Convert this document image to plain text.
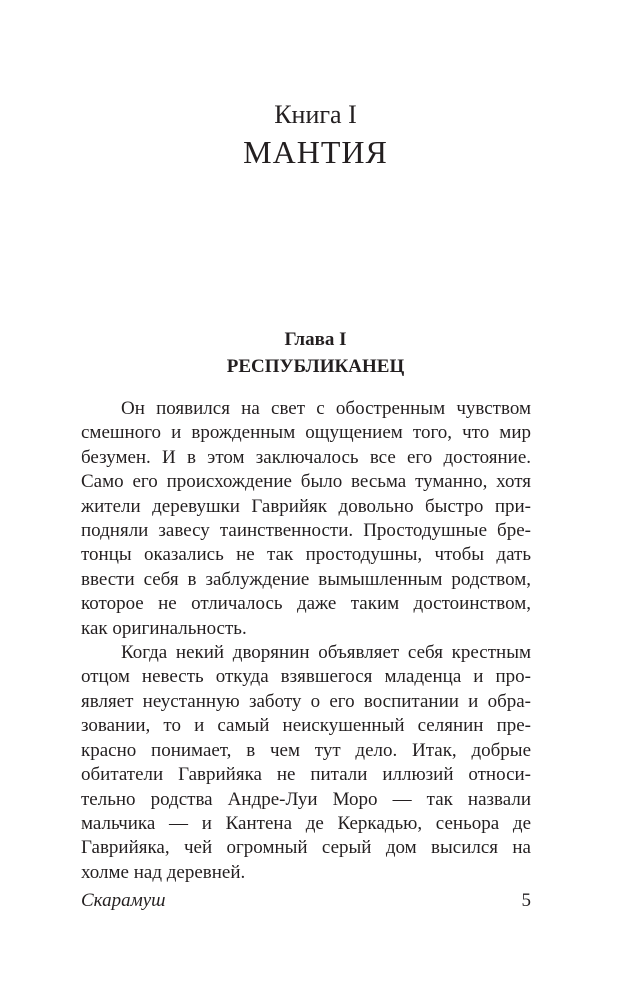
Книга I
МАНТИЯ
Глава I
РЕСПУБЛИКАНЕЦ
Он появился на свет с обостренным чувством
смешного и врожденным ощущением того, что мир
безумен. И в этом заключалось все его достояние.
Само его происхождение было весьма туманно, хотя
жители деревушки Гаврийяк довольно быстро при-
подняли завесу таинственности. Простодушные бре-
тонцы оказались не так простодушны, чтобы дать
ввести себя в заблуждение вымышленным родством,
которое не отличалось даже таким достоинством,
как оригинальность.
Когда некий дворянин объявляет себя крестным
отцом невесть откуда взявшегося младенца и про-
являет неустанную заботу о его воспитании и обра-
зовании, то и самый неискушенный селянин пре-
красно понимает, в чем тут дело. Итак, добрые
обитатели Гаврийяка не питали иллюзий относи-
тельно родства Андре-Луи Моро — так назвали
мальчика — и Кантена де Керкадью, сеньора де
Гаврийяка, чей огромный серый дом высился на
холме над деревней.
Скарамуш	5
